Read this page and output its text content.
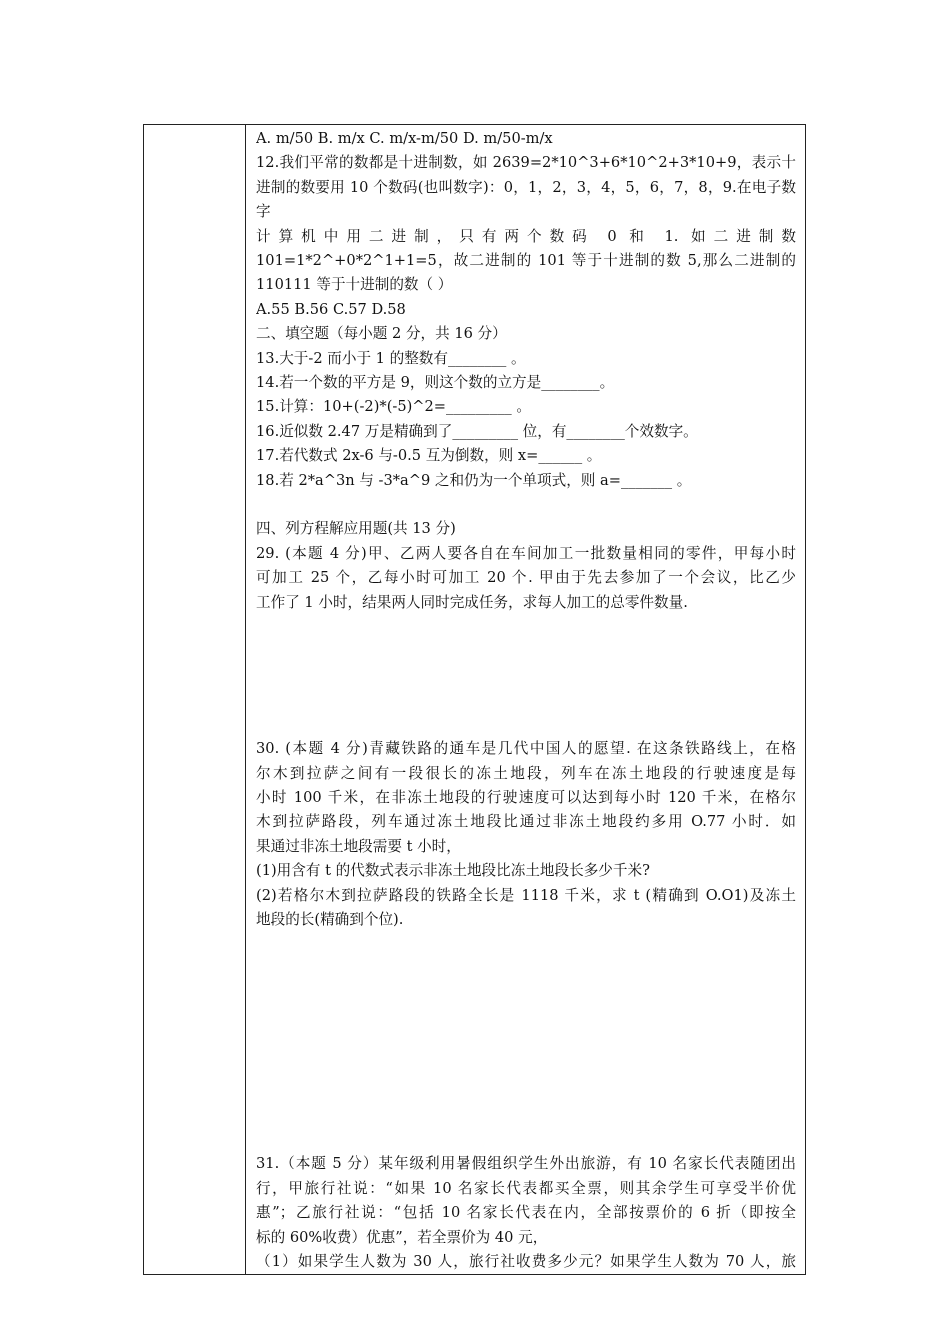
A. m/50 B. m/x C. m/x-m/50 D. m/50-m/x
12.我们平常的数都是十进制数，如 2639=2*10^3+6*10^2+3*10+9，表示十
进制的数要用 10 个数码(也叫数字)：0，1，2，3，4，5，6，7，8，9.在电子数字
计算机中用二进制，只有两个数码 0 和 1. 如二进制数
101=1*2^+0*2^1+1=5，故二进制的 101 等于十进制的数 5,那么二进制的
110111 等于十进制的数（ ）
A.55 B.56 C.57 D.58
二、填空题（每小题 2 分，共 16 分）
13.大于-2 而小于 1 的整数有________ 。
14.若一个数的平方是 9，则这个数的立方是________。
15.计算：10+(-2)*(-5)^2=_________ 。
16.近似数 2.47 万是精确到了_________ 位，有________个效数字。
17.若代数式 2x-6 与-0.5 互为倒数，则 x=______ 。
18.若 2*a^3n 与 -3*a^9 之和仍为一个单项式，则 a=_______ 。
四、列方程解应用题(共 13 分)
29. (本题 4 分)甲、乙两人要各自在车间加工一批数量相同的零件，甲每小时
可加工 25 个，乙每小时可加工 20 个. 甲由于先去参加了一个会议，比乙少
工作了 1 小时，结果两人同时完成任务，求每人加工的总零件数量.
30. (本题 4 分)青藏铁路的通车是几代中国人的愿望. 在这条铁路线上，在格
尔木到拉萨之间有一段很长的冻土地段，列车在冻土地段的行驶速度是每
小时 100 千米，在非冻土地段的行驶速度可以达到每小时 120 千米，在格尔
木到拉萨路段，列车通过冻土地段比通过非冻土地段约多用 O.77 小时．如
果通过非冻土地段需要 t 小时，
(1)用含有 t 的代数式表示非冻土地段比冻土地段长多少千米?
(2)若格尔木到拉萨路段的铁路全长是 1118 千米，求 t (精确到 O.O1)及冻土
地段的长(精确到个位).
31.（本题 5 分）某年级利用暑假组织学生外出旅游，有 10 名家长代表随团出
行，甲旅行社说：“如果 10 名家长代表都买全票，则其余学生可享受半价优
惠”；乙旅行社说：“包括 10 名家长代表在内，全部按票价的 6 折（即按全
标的 60%收费）优惠”，若全票价为 40 元，
（1）如果学生人数为 30 人，旅行社收费多少元？如果学生人数为 70 人，旅
